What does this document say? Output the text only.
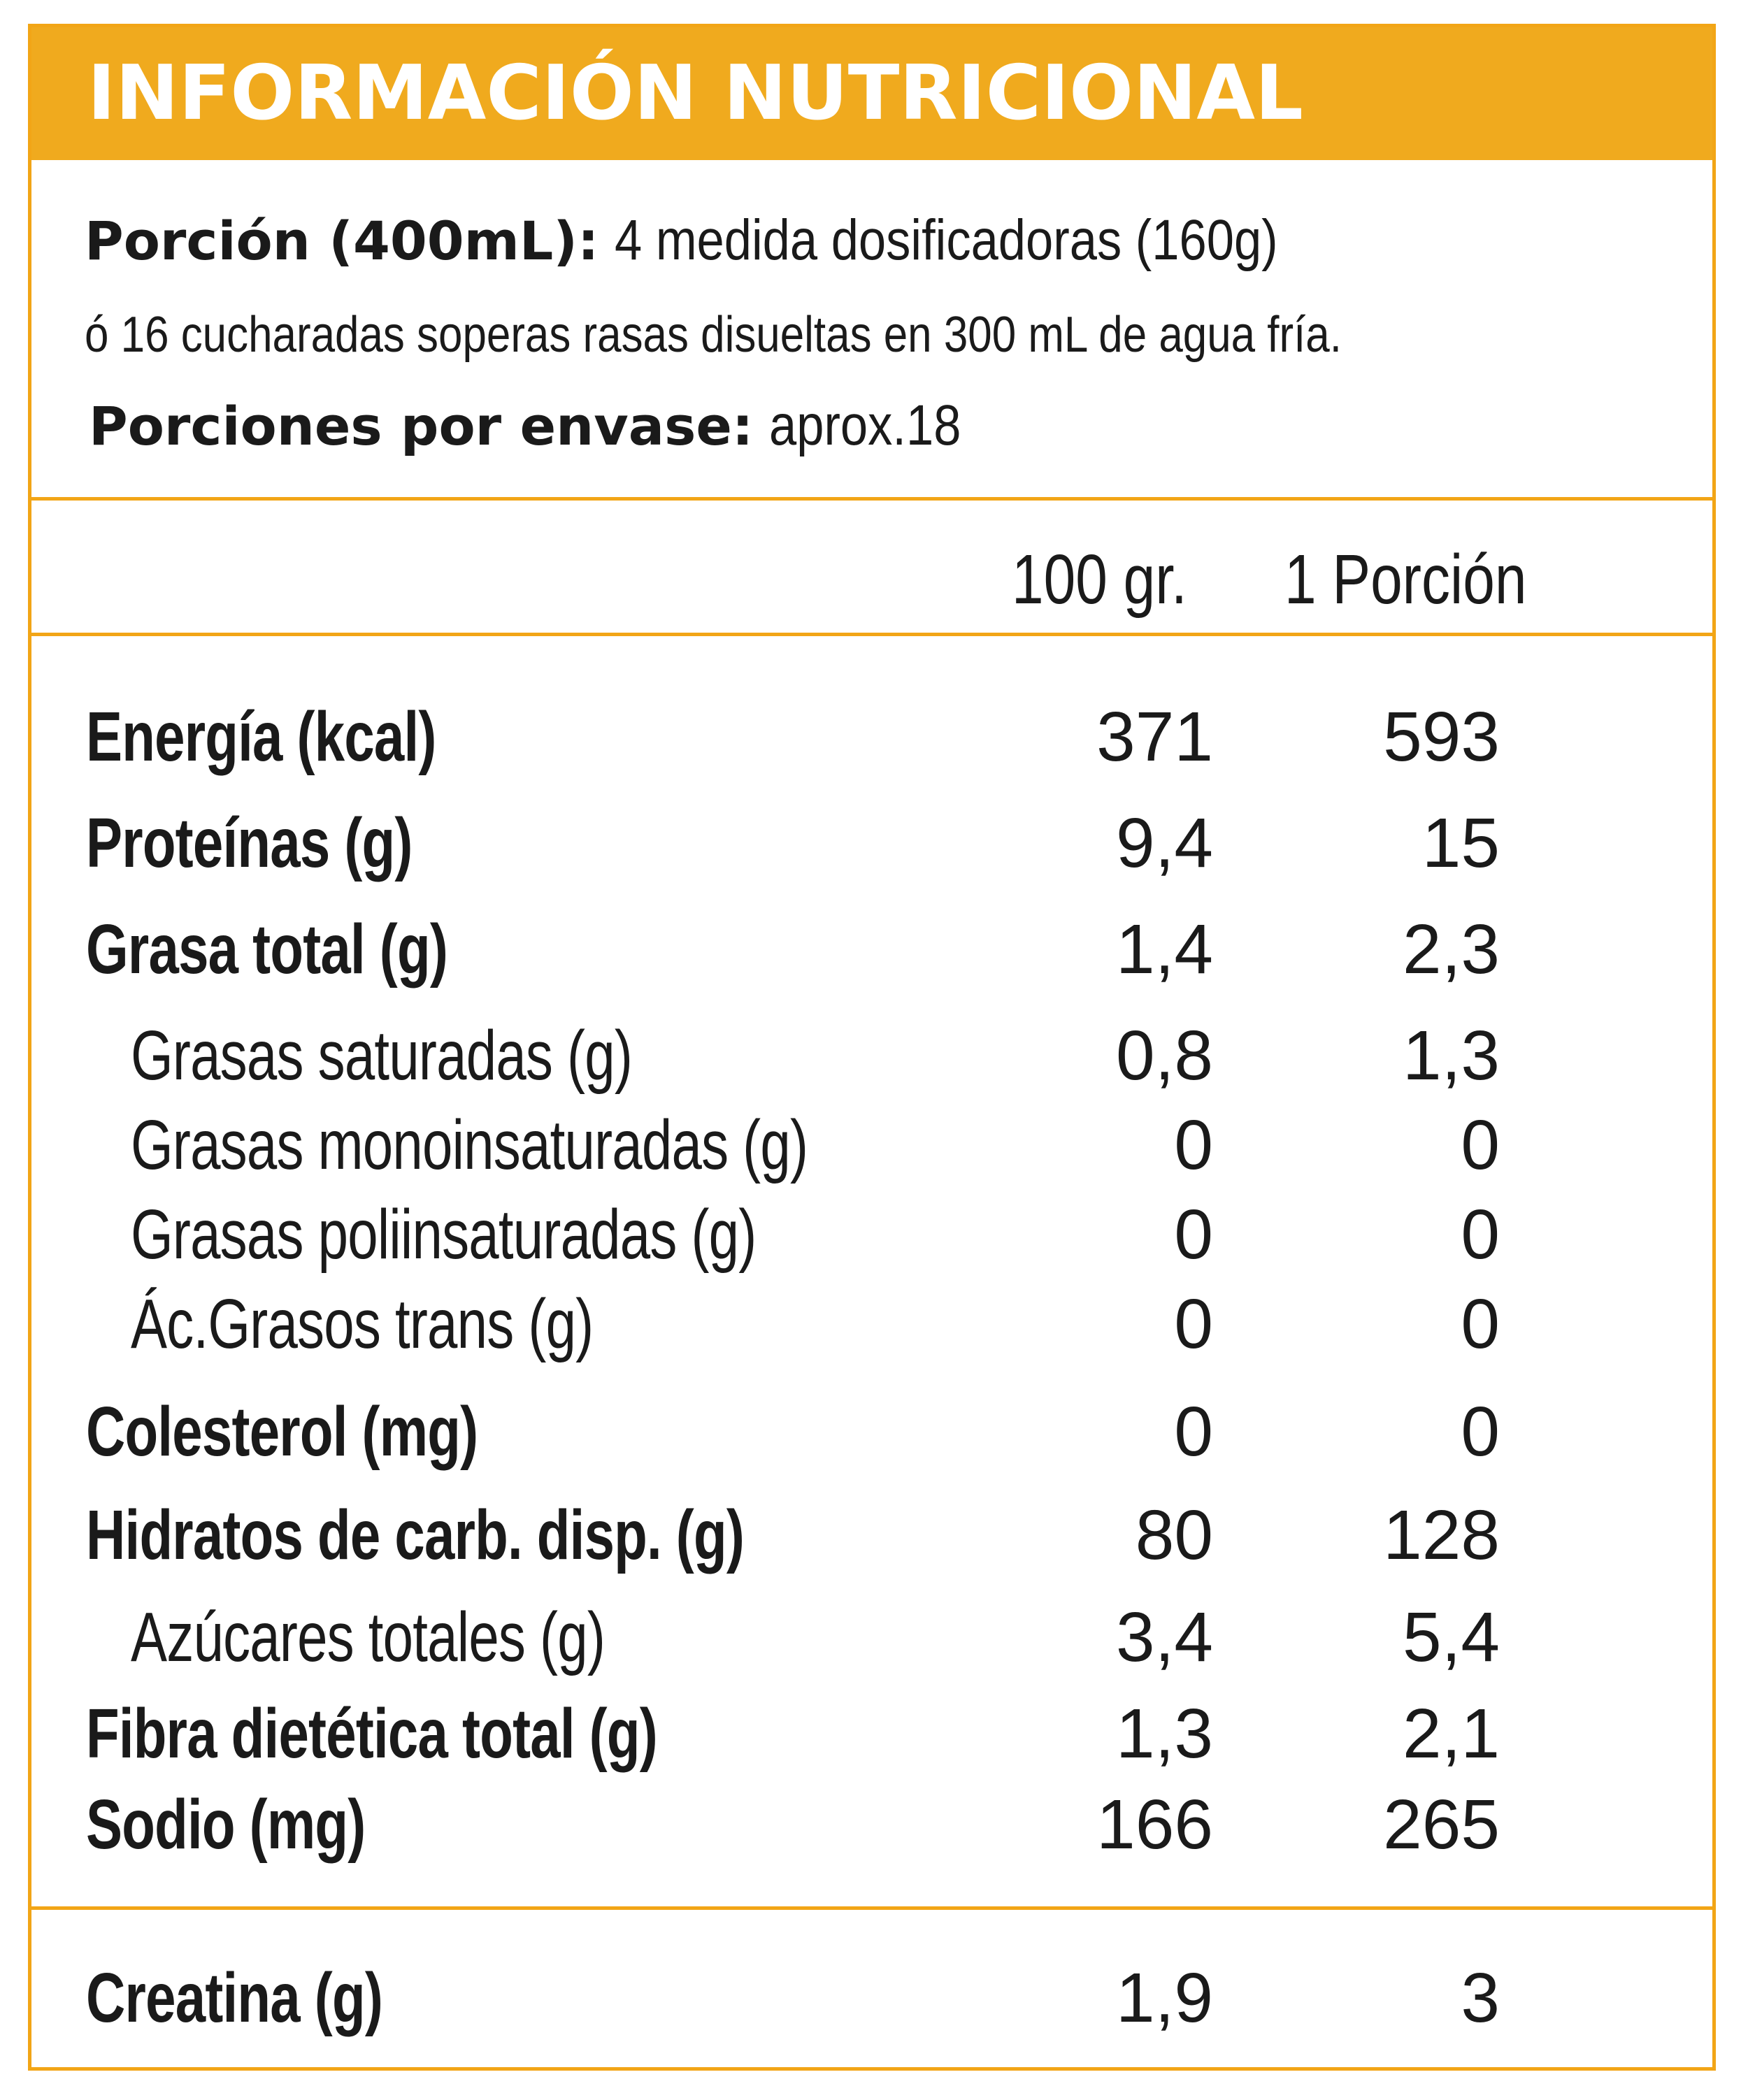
INFORMACIÓN NUTRICIONAL
Porción (400mL): 4 medida dosificadoras (160g)
ó 16 cucharadas soperas rasas disueltas en 300 mL de agua fría.
Porciones por envase: aprox.18
100 gr. 1 Porción
Energía (kcal)	371	593
Proteínas (g)	9,4	15
Grasa total (g)	1,4	2,3
Grasas saturadas (g)	0,8	1,3
Grasas monoinsaturadas (g)	0	0
Grasas poliinsaturadas (g)	0	0
Ác.Grasos trans (g)	0	0
Colesterol (mg)	0	0
Hidratos de carb. disp. (g)	80	128
Azúcares totales (g)	3,4	5,4
Fibra dietética total (g)	1,3	2,1
Sodio (mg)	166	265
Creatina (g)	1,9	3
